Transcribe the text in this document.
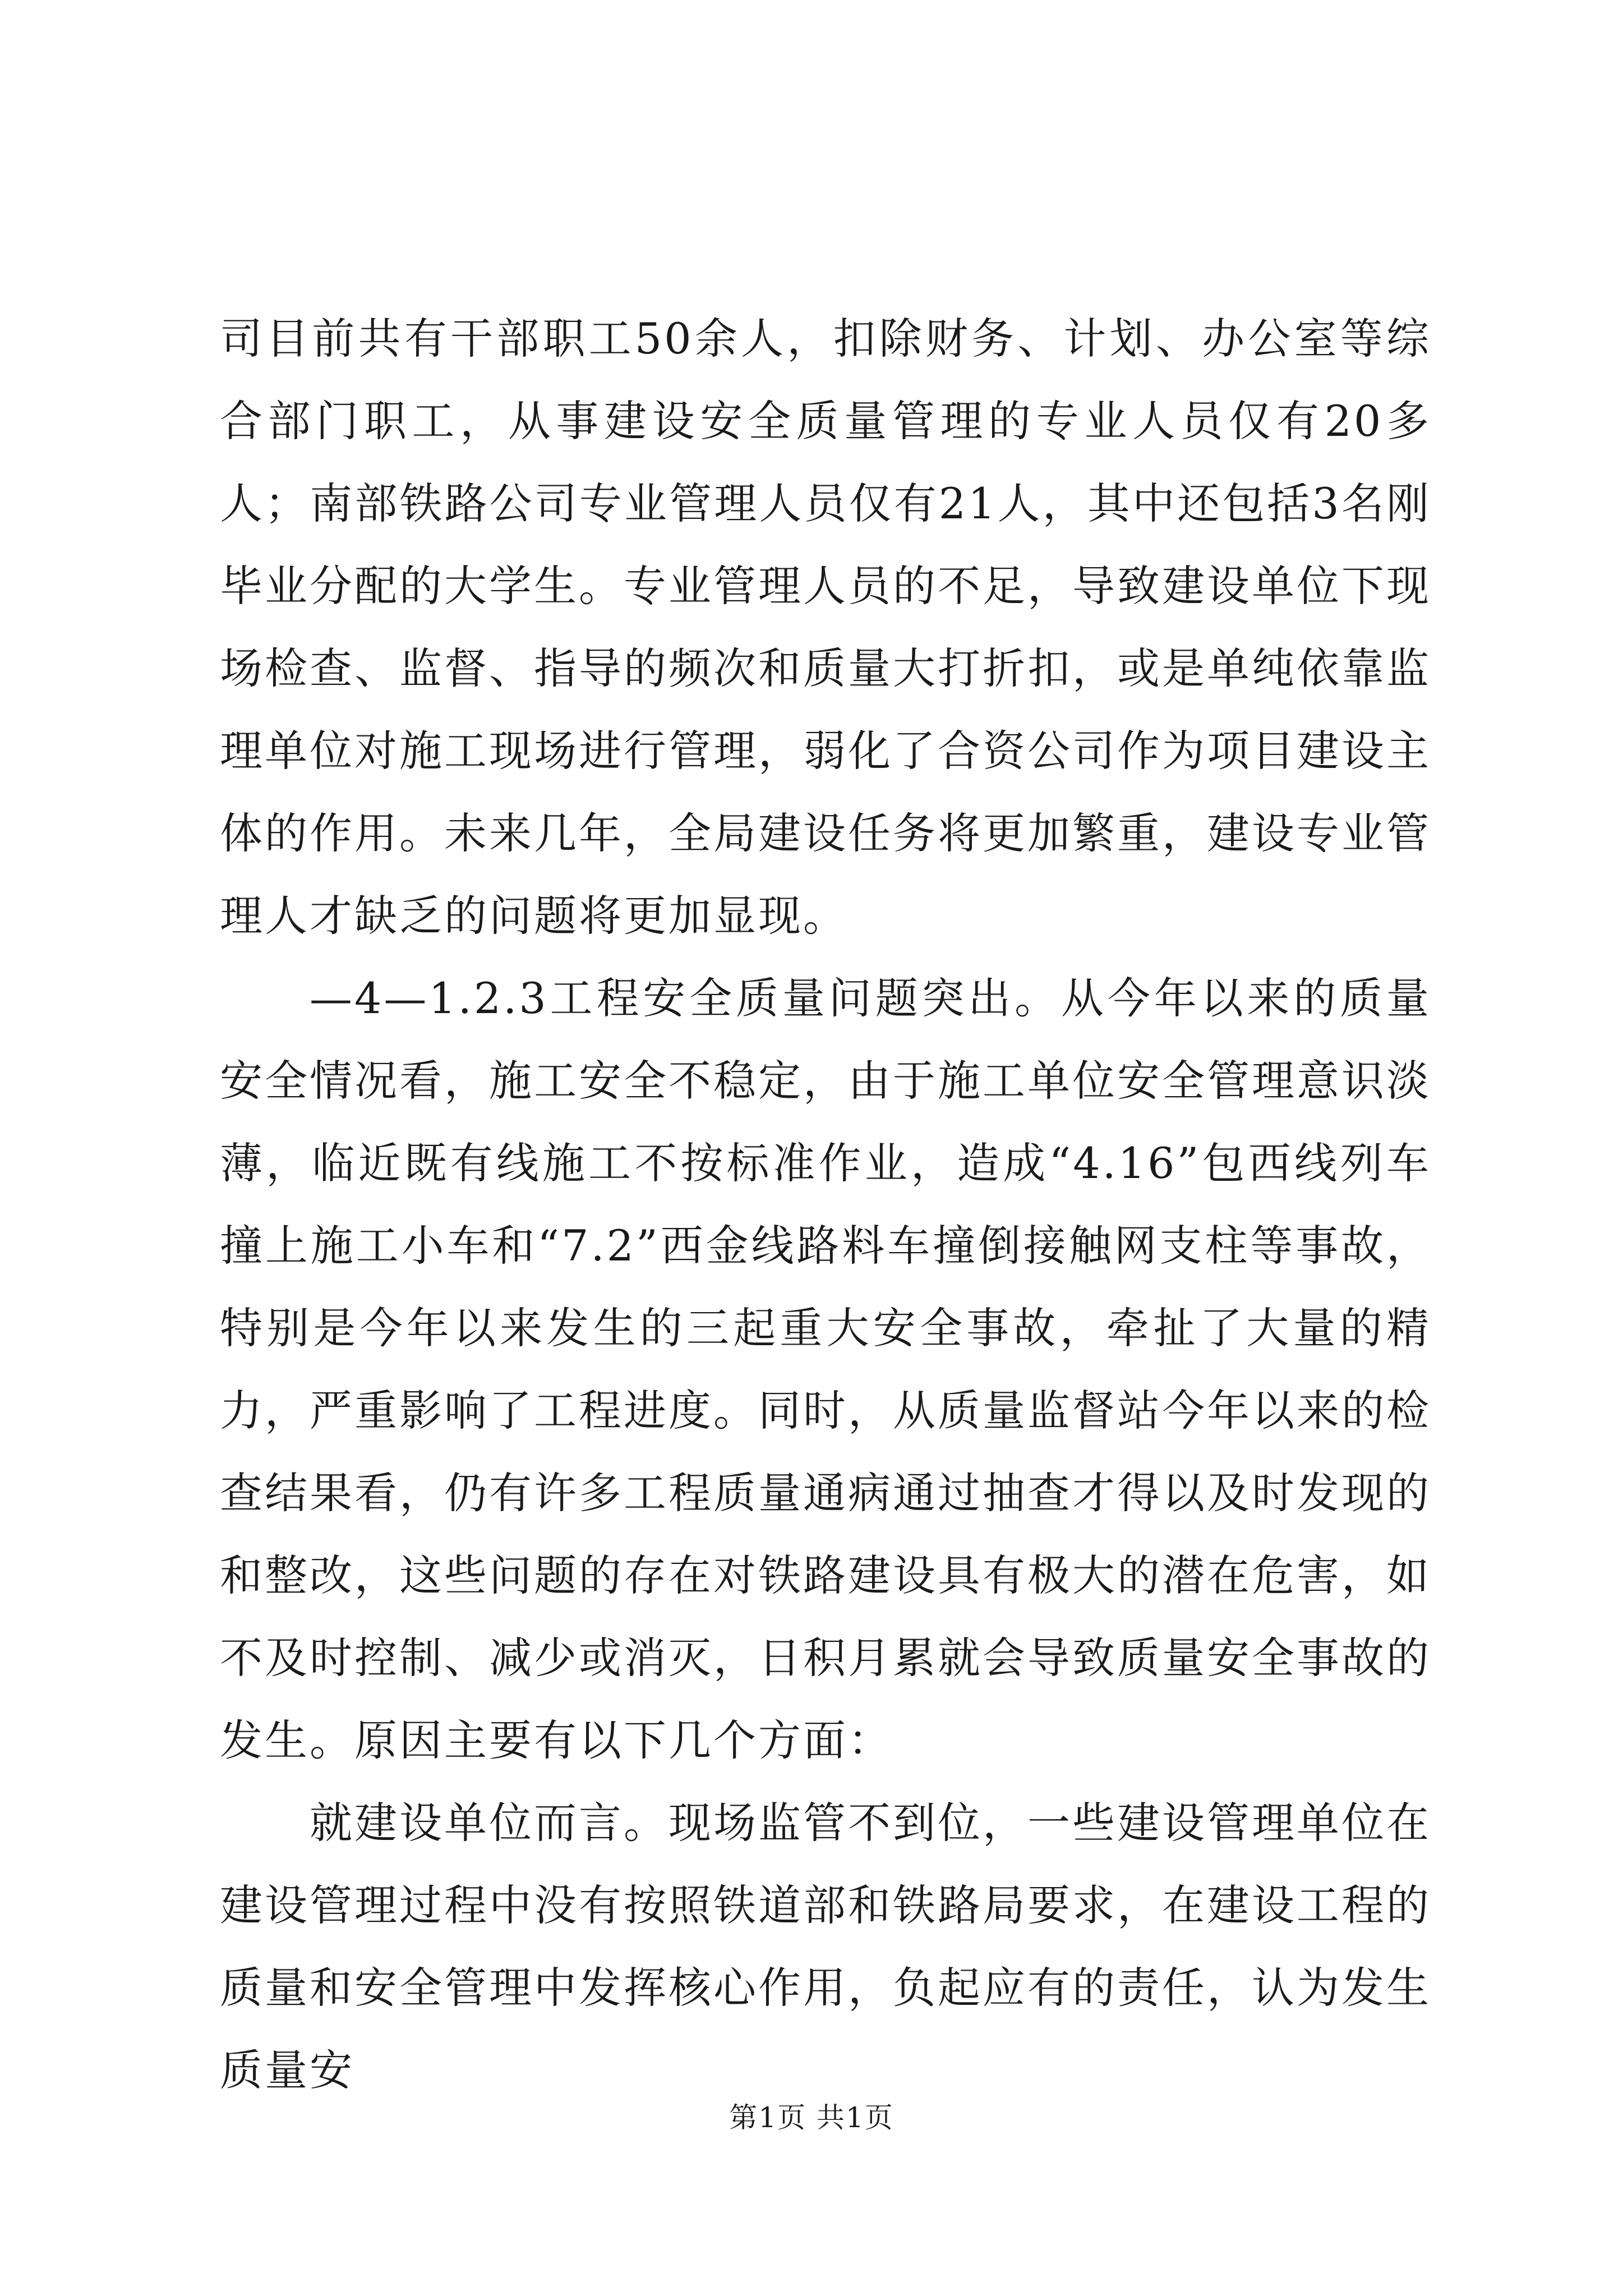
司目前共有干部职工50余人，扣除财务、计划、办公室等综合部门职工，从事建设安全质量管理的专业人员仅有20多人；南部铁路公司专业管理人员仅有21人，其中还包括3名刚毕业分配的大学生。专业管理人员的不足，导致建设单位下现场检查、监督、指导的频次和质量大打折扣，或是单纯依靠监理单位对施工现场进行管理，弱化了合资公司作为项目建设主体的作用。未来几年，全局建设任务将更加繁重，建设专业管理人才缺乏的问题将更加显现。

—4—1.2.3工程安全质量问题突出。从今年以来的质量安全情况看，施工安全不稳定，由于施工单位安全管理意识淡薄，临近既有线施工不按标准作业，造成“4.16”包西线列车撞上施工小车和“7.2”西金线路料车撞倒接触网支柱等事故，特别是今年以来发生的三起重大安全事故，牵扯了大量的精力，严重影响了工程进度。同时，从质量监督站今年以来的检查结果看，仍有许多工程质量通病通过抽查才得以及时发现的和整改，这些问题的存在对铁路建设具有极大的潜在危害，如不及时控制、减少或消灭，日积月累就会导致质量安全事故的发生。原因主要有以下几个方面：

就建设单位而言。现场监管不到位，一些建设管理单位在建设管理过程中没有按照铁道部和铁路局要求，在建设工程的质量和安全管理中发挥核心作用，负起应有的责任，认为发生质量安

第1页 共1页
